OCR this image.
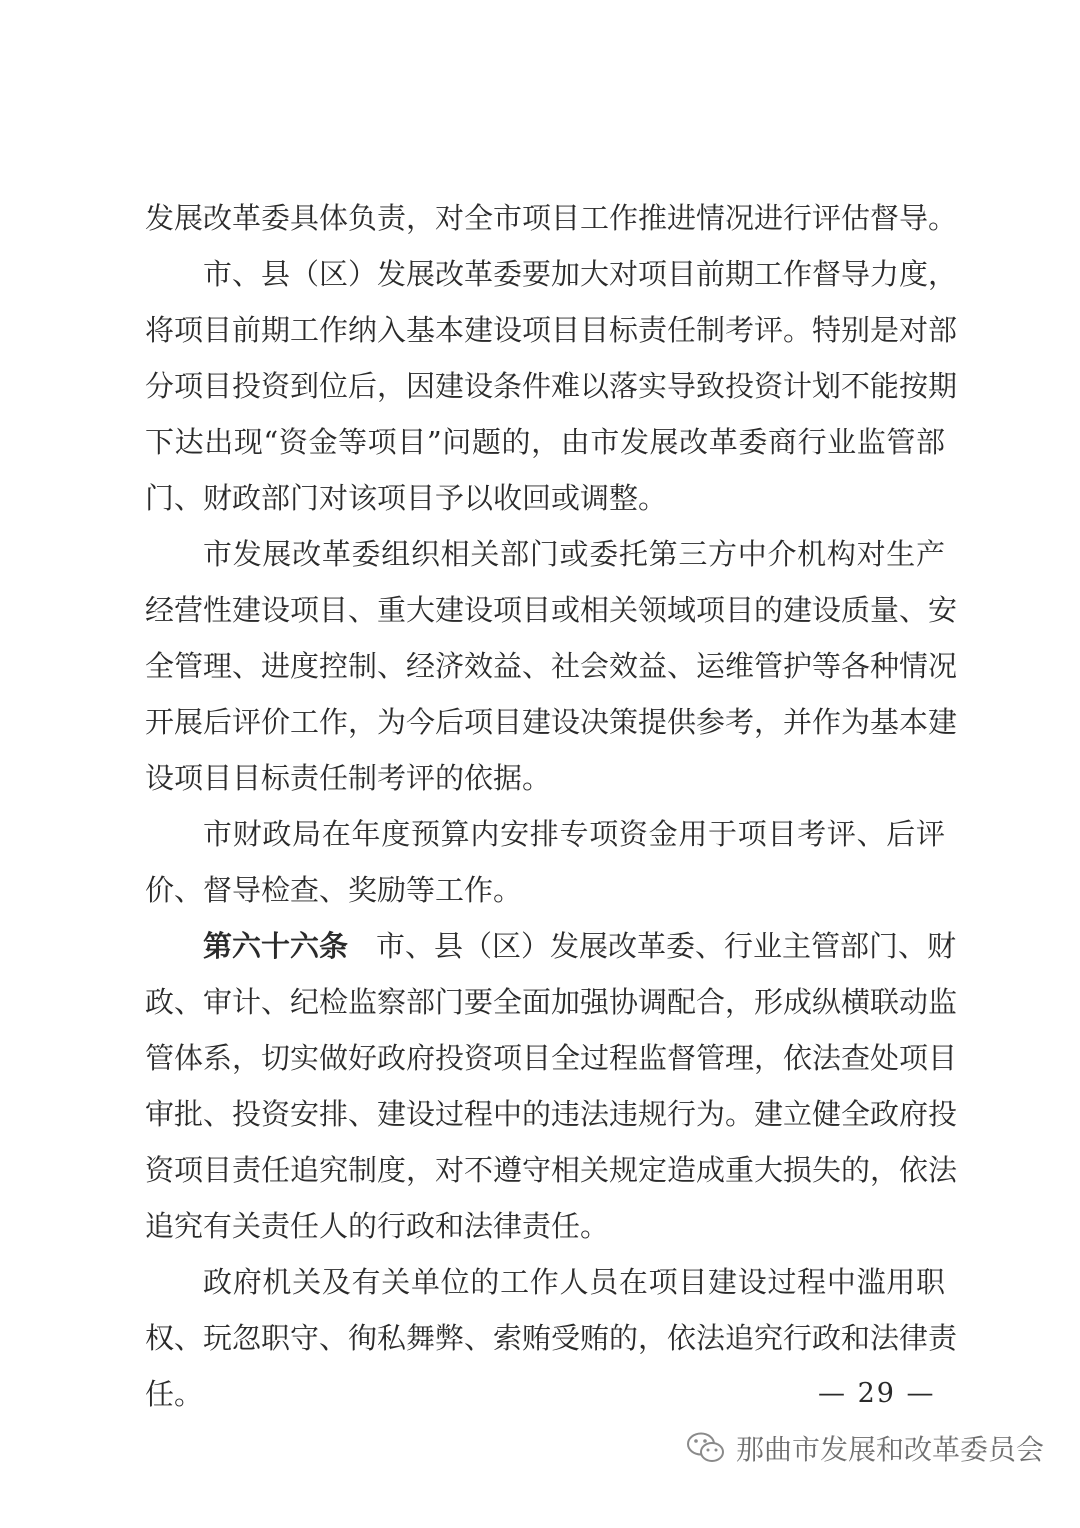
发展改革委具体负责，对全市项目工作推进情况进行评估督导。
市、县（区）发展改革委要加大对项目前期工作督导力度，
将项目前期工作纳入基本建设项目目标责任制考评。特别是对部
分项目投资到位后，因建设条件难以落实导致投资计划不能按期
下达出现“资金等项目”问题的，由市发展改革委商行业监管部
门、财政部门对该项目予以收回或调整。
市发展改革委组织相关部门或委托第三方中介机构对生产
经营性建设项目、重大建设项目或相关领域项目的建设质量、安
全管理、进度控制、经济效益、社会效益、运维管护等各种情况
开展后评价工作，为今后项目建设决策提供参考，并作为基本建
设项目目标责任制考评的依据。
市财政局在年度预算内安排专项资金用于项目考评、后评
价、督导检查、奖励等工作。
第六十六条 市、县（区）发展改革委、行业主管部门、财
政、审计、纪检监察部门要全面加强协调配合，形成纵横联动监
管体系，切实做好政府投资项目全过程监督管理，依法查处项目
审批、投资安排、建设过程中的违法违规行为。建立健全政府投
资项目责任追究制度，对不遵守相关规定造成重大损失的，依法
追究有关责任人的行政和法律责任。
政府机关及有关单位的工作人员在项目建设过程中滥用职
权、玩忽职守、徇私舞弊、索贿受贿的，依法追究行政和法律责
任。	— 29 —
那曲市发展和改革委员会
